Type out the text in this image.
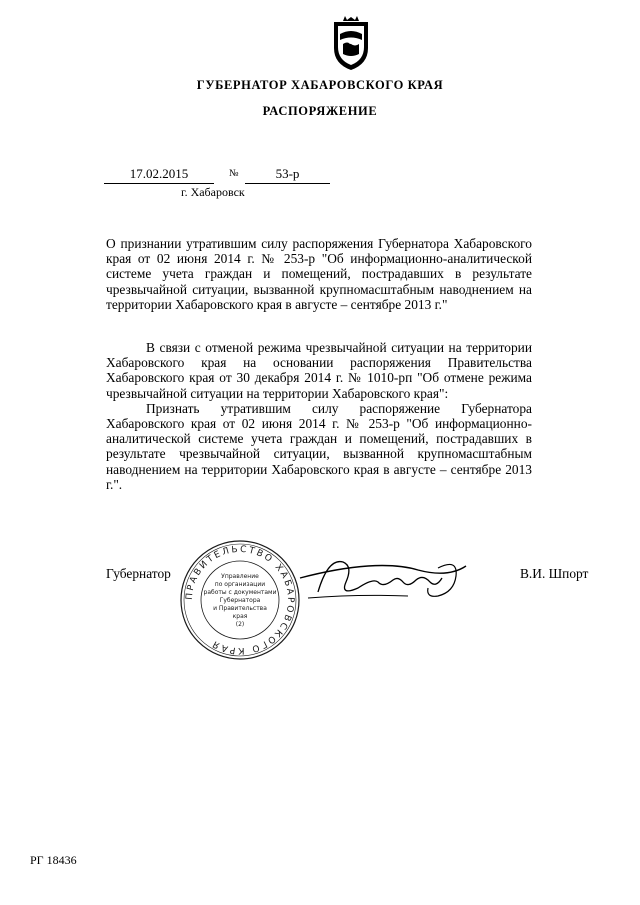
ГУБЕРНАТОР ХАБАРОВСКОГО КРАЯ
РАСПОРЯЖЕНИЕ
17.02.2015	№	53-р
г. Хабаровск
О признании утратившим силу распоряжения Губернатора Хабаровского края от 02 июня 2014 г. № 253-р "Об информационно-аналитической системе учета граждан и помещений, пострадавших в результате чрезвычайной ситуации, вызванной крупномасштабным наводнением на территории Хабаровского края в августе – сентябре 2013 г."

В связи с отменой режима чрезвычайной ситуации на территории Хабаровского края на основании распоряжения Правительства Хабаровского края от 30 декабря 2014 г. № 1010-рп "Об отмене режима чрезвычайной ситуации на территории Хабаровского края":

Признать утратившим силу распоряжение Губернатора Хабаровского края от 02 июня 2014 г. № 253-р "Об информационно-аналитической системе учета граждан и помещений, пострадавших в результате чрезвычайной ситуации, вызванной крупномасштабным наводнением на территории Хабаровского края в августе – сентябре 2013 г.".

Губернатор
ПРАВИТЕЛЬСТВО ХАБАРОВСКОГО КРАЯ
Управление
по организации
работы с документами
Губернатора
и Правительства
края
(2)
В.И. Шпорт
РГ 18436
